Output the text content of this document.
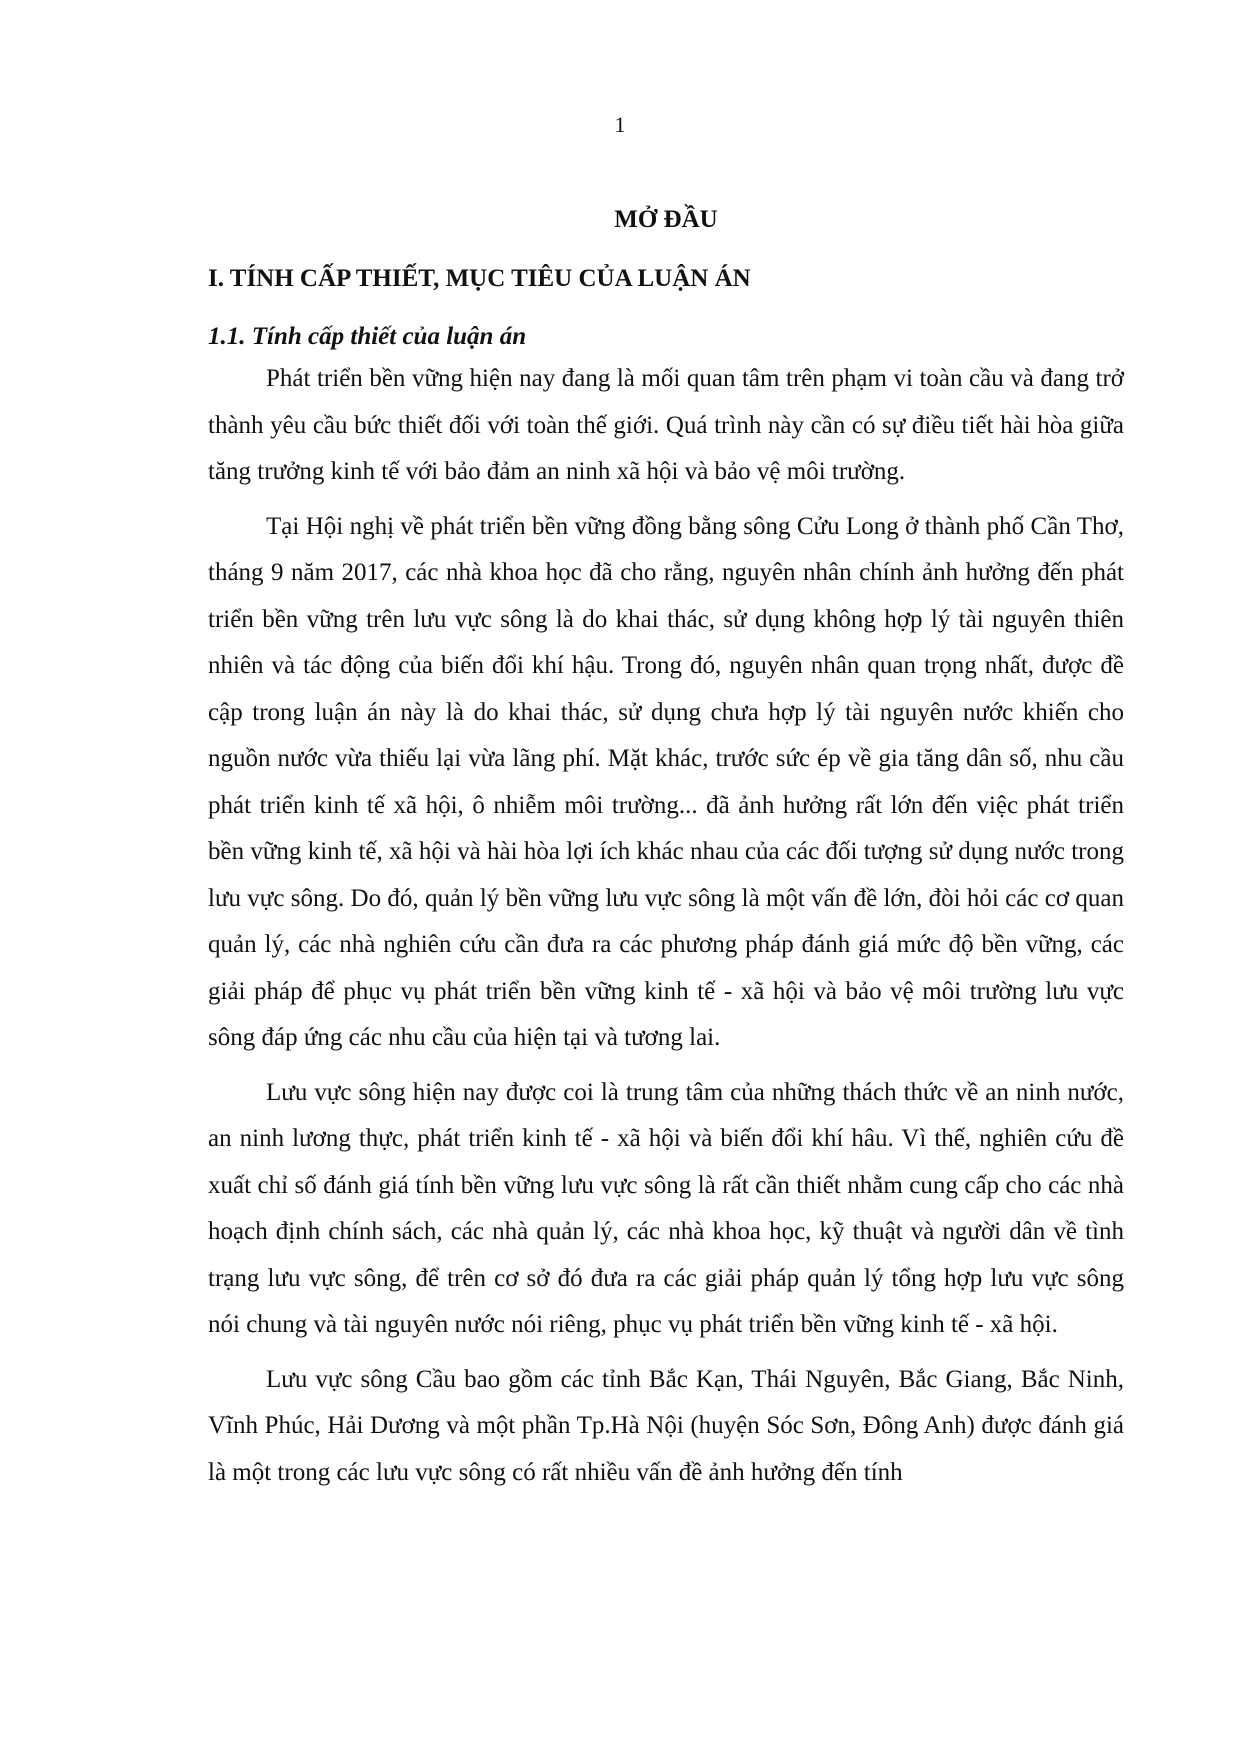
1
MỞ ĐẦU
I. TÍNH CẤP THIẾT, MỤC TIÊU CỦA LUẬN ÁN
1.1. Tính cấp thiết của luận án

Phát triển bền vững hiện nay đang là mối quan tâm trên phạm vi toàn cầu và đang trở thành yêu cầu bức thiết đối với toàn thế giới. Quá trình này cần có sự điều tiết hài hòa giữa tăng trưởng kinh tế với bảo đảm an ninh xã hội và bảo vệ môi trường.

Tại Hội nghị về phát triển bền vững đồng bằng sông Cửu Long ở thành phố Cần Thơ, tháng 9 năm 2017, các nhà khoa học đã cho rằng, nguyên nhân chính ảnh hưởng đến phát triển bền vững trên lưu vực sông là do khai thác, sử dụng không hợp lý tài nguyên thiên nhiên và tác động của biến đổi khí hậu. Trong đó, nguyên nhân quan trọng nhất, được đề cập trong luận án này là do khai thác, sử dụng chưa hợp lý tài nguyên nước khiến cho nguồn nước vừa thiếu lại vừa lãng phí. Mặt khác, trước sức ép về gia tăng dân số, nhu cầu phát triển kinh tế xã hội, ô nhiễm môi trường... đã ảnh hưởng rất lớn đến việc phát triển bền vững kinh tế, xã hội và hài hòa lợi ích khác nhau của các đối tượng sử dụng nước trong lưu vực sông. Do đó, quản lý bền vững lưu vực sông là một vấn đề lớn, đòi hỏi các cơ quan quản lý, các nhà nghiên cứu cần đưa ra các phương pháp đánh giá mức độ bền vững, các giải pháp để phục vụ phát triển bền vững kinh tế - xã hội và bảo vệ môi trường lưu vực sông đáp ứng các nhu cầu của hiện tại và tương lai.

Lưu vực sông hiện nay được coi là trung tâm của những thách thức về an ninh nước, an ninh lương thực, phát triển kinh tế - xã hội và biến đổi khí hâu. Vì thế, nghiên cứu đề xuất chỉ số đánh giá tính bền vững lưu vực sông là rất cần thiết nhằm cung cấp cho các nhà hoạch định chính sách, các nhà quản lý, các nhà khoa học, kỹ thuật và người dân về tình trạng lưu vực sông, để trên cơ sở đó đưa ra các giải pháp quản lý tổng hợp lưu vực sông nói chung và tài nguyên nước nói riêng, phục vụ phát triển bền vững kinh tế - xã hội.

Lưu vực sông Cầu bao gồm các tỉnh Bắc Kạn, Thái Nguyên, Bắc Giang, Bắc Ninh, Vĩnh Phúc, Hải Dương và một phần Tp.Hà Nội (huyện Sóc Sơn, Đông Anh) được đánh giá là một trong các lưu vực sông có rất nhiều vấn đề ảnh hưởng đến tính
